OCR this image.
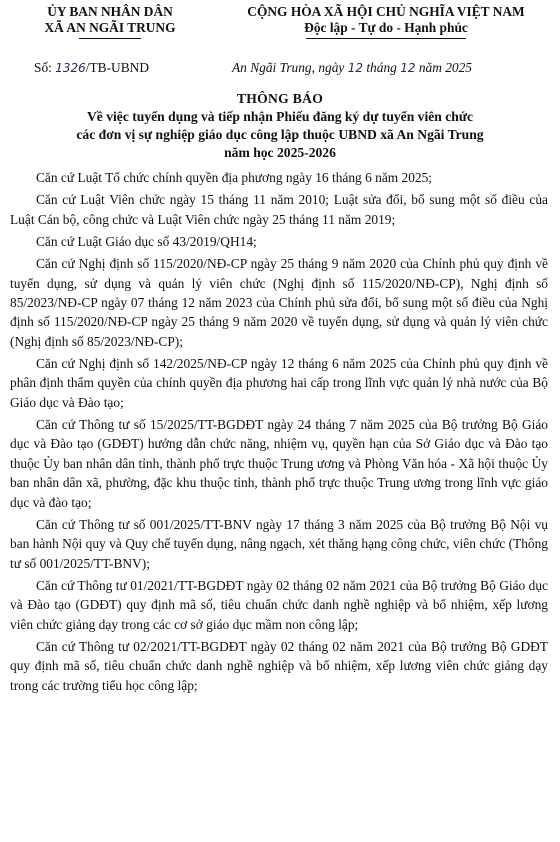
ỦY BAN NHÂN DÂN
XÃ AN NGÃI TRUNG
CỘNG HÒA XÃ HỘI CHỦ NGHĨA VIỆT NAM
Độc lập - Tự do - Hạnh phúc
Số: 1326/TB-UBND	An Ngãi Trung, ngày 12 tháng 12 năm 2025
THÔNG BÁO
Về việc tuyển dụng và tiếp nhận Phiếu đăng ký dự tuyển viên chức
các đơn vị sự nghiệp giáo dục công lập thuộc UBND xã An Ngãi Trung
năm học 2025-2026

Căn cứ Luật Tổ chức chính quyền địa phương ngày 16 tháng 6 năm 2025;

Căn cứ Luật Viên chức ngày 15 tháng 11 năm 2010; Luật sửa đổi, bổ sung một số điều của Luật Cán bộ, công chức và Luật Viên chức ngày 25 tháng 11 năm 2019;

Căn cứ Luật Giáo dục số 43/2019/QH14;

Căn cứ Nghị định số 115/2020/NĐ-CP ngày 25 tháng 9 năm 2020 của Chính phủ quy định về tuyển dụng, sử dụng và quản lý viên chức (Nghị định số 115/2020/NĐ-CP), Nghị định số 85/2023/NĐ-CP ngày 07 tháng 12 năm 2023 của Chính phủ sửa đổi, bổ sung một số điều của Nghị định số 115/2020/NĐ-CP ngày 25 tháng 9 năm 2020 về tuyển dụng, sử dụng và quản lý viên chức (Nghị định số 85/2023/NĐ-CP);

Căn cứ Nghị định số 142/2025/NĐ-CP ngày 12 tháng 6 năm 2025 của Chính phủ quy định về phân định thẩm quyền của chính quyền địa phương hai cấp trong lĩnh vực quản lý nhà nước của Bộ Giáo dục và Đào tạo;

Căn cứ Thông tư số 15/2025/TT-BGDĐT ngày 24 tháng 7 năm 2025 của Bộ trưởng Bộ Giáo dục và Đào tạo (GDĐT) hướng dẫn chức năng, nhiệm vụ, quyền hạn của Sở Giáo dục và Đào tạo thuộc Ủy ban nhân dân tỉnh, thành phố trực thuộc Trung ương và Phòng Văn hóa - Xã hội thuộc Ủy ban nhân dân xã, phường, đặc khu thuộc tỉnh, thành phố trực thuộc Trung ương trong lĩnh vực giáo dục và đào tạo;

Căn cứ Thông tư số 001/2025/TT-BNV ngày 17 tháng 3 năm 2025 của Bộ trưởng Bộ Nội vụ ban hành Nội quy và Quy chế tuyển dụng, nâng ngạch, xét thăng hạng công chức, viên chức (Thông tư số 001/2025/TT-BNV);

Căn cứ Thông tư 01/2021/TT-BGDĐT ngày 02 tháng 02 năm 2021 của Bộ trưởng Bộ Giáo dục và Đào tạo (GDĐT) quy định mã số, tiêu chuẩn chức danh nghề nghiệp và bổ nhiệm, xếp lương viên chức giảng dạy trong các cơ sở giáo dục mầm non công lập;

Căn cứ Thông tư 02/2021/TT-BGDĐT ngày 02 tháng 02 năm 2021 của Bộ trưởng Bộ GDĐT quy định mã số, tiêu chuẩn chức danh nghề nghiệp và bổ nhiệm, xếp lương viên chức giảng dạy trong các trường tiểu học công lập;
